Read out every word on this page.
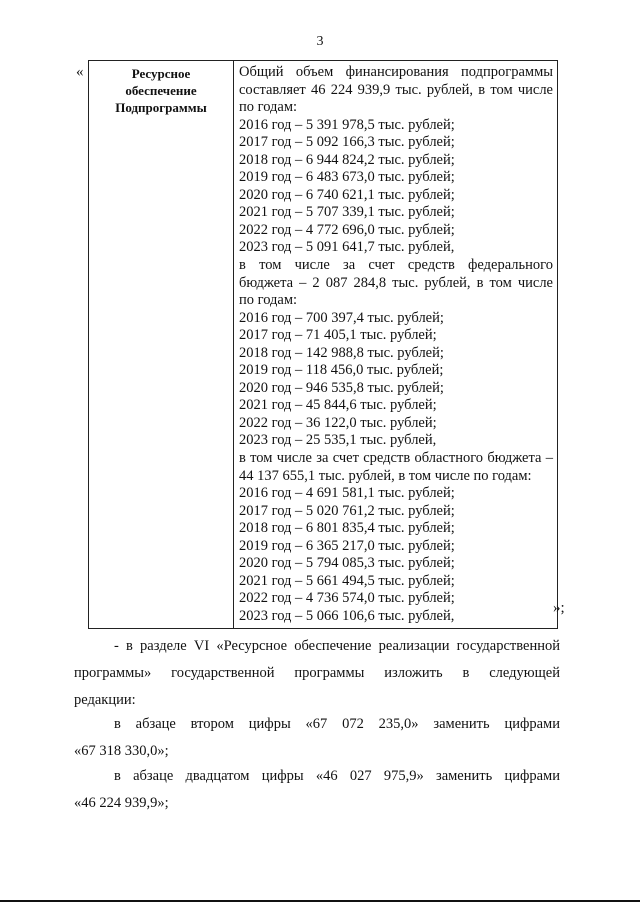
3
«	Ресурсное
обеспечение
Подпрограммы

Общий объем финансирования подпрограммы
составляет 46 224 939,9 тыс. рублей, в том числе
по годам:
2016 год – 5 391 978,5 тыс. рублей;
2017 год – 5 092 166,3 тыс. рублей;
2018 год – 6 944 824,2 тыс. рублей;
2019 год – 6 483 673,0 тыс. рублей;
2020 год – 6 740 621,1 тыс. рублей;
2021 год – 5 707 339,1 тыс. рублей;
2022 год – 4 772 696,0 тыс. рублей;
2023 год – 5 091 641,7 тыс. рублей,
в том числе за счет средств федерального
бюджета – 2 087 284,8 тыс. рублей, в том числе
по годам:
2016 год – 700 397,4 тыс. рублей;
2017 год – 71 405,1 тыс. рублей;
2018 год – 142 988,8 тыс. рублей;
2019 год – 118 456,0 тыс. рублей;
2020 год – 946 535,8 тыс. рублей;
2021 год – 45 844,6 тыс. рублей;
2022 год – 36 122,0 тыс. рублей;
2023 год – 25 535,1 тыс. рублей,
в том числе за счет средств областного бюджета –
44 137 655,1 тыс. рублей, в том числе по годам:
2016 год – 4 691 581,1 тыс. рублей;
2017 год – 5 020 761,2 тыс. рублей;
2018 год – 6 801 835,4 тыс. рублей;
2019 год – 6 365 217,0 тыс. рублей;
2020 год – 5 794 085,3 тыс. рублей;
2021 год – 5 661 494,5 тыс. рублей;
2022 год – 4 736 574,0 тыс. рублей;
2023 год – 5 066 106,6 тыс. рублей,	»;
- в разделе VI «Ресурсное обеспечение реализации государственной
программы» государственной программы изложить в следующей
редакции:
в абзаце втором цифры «67 072 235,0» заменить цифрами
«67 318 330,0»;
в абзаце двадцатом цифры «46 027 975,9» заменить цифрами
«46 224 939,9»;
